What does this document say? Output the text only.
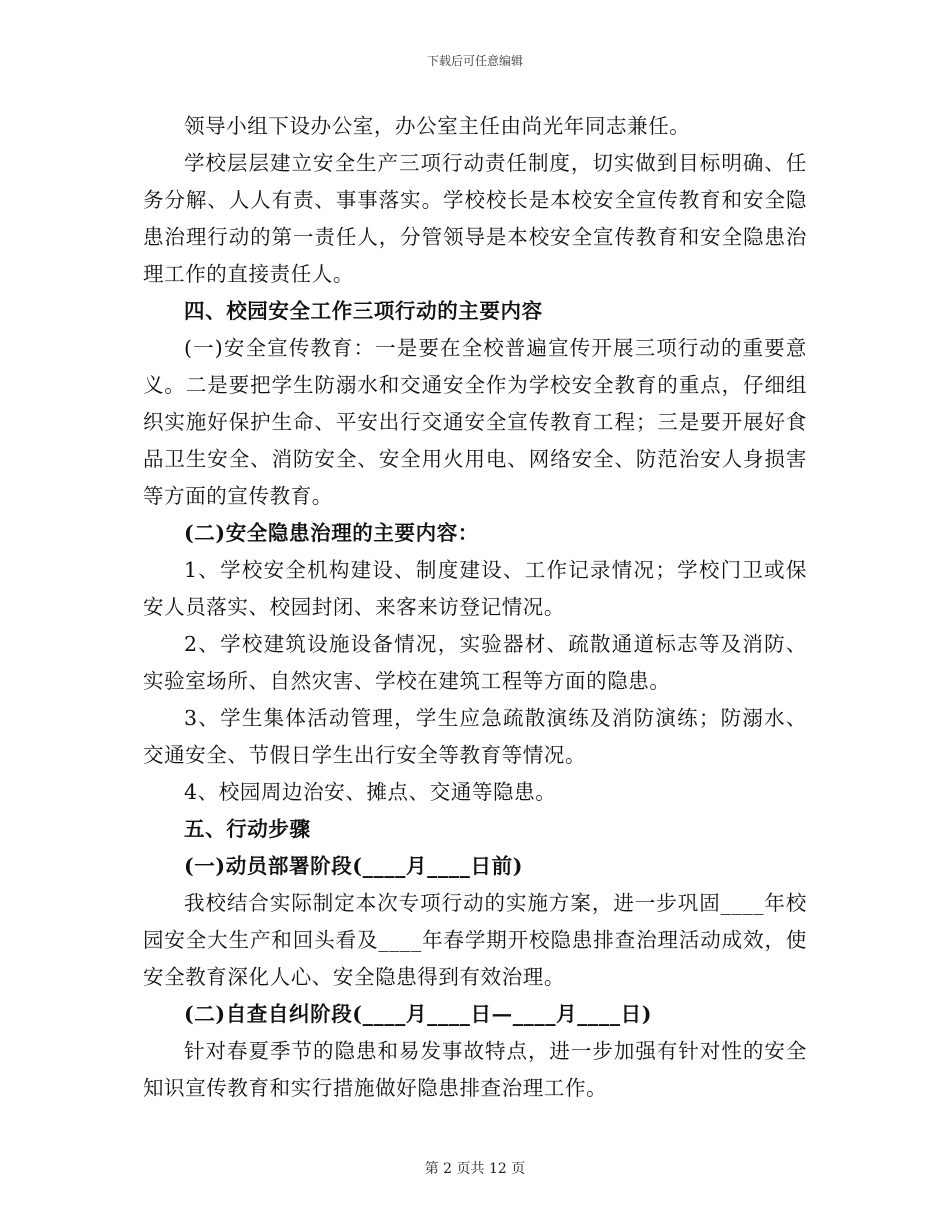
下载后可任意编辑

领导小组下设办公室，办公室主任由尚光年同志兼任。

学校层层建立安全生产三项行动责任制度，切实做到目标明确、任务分解、人人有责、事事落实。学校校长是本校安全宣传教育和安全隐患治理行动的第一责任人，分管领导是本校安全宣传教育和安全隐患治理工作的直接责任人。

四、校园安全工作三项行动的主要内容

(一)安全宣传教育：一是要在全校普遍宣传开展三项行动的重要意义。二是要把学生防溺水和交通安全作为学校安全教育的重点，仔细组织实施好保护生命、平安出行交通安全宣传教育工程；三是要开展好食品卫生安全、消防安全、安全用火用电、网络安全、防范治安人身损害等方面的宣传教育。

(二)安全隐患治理的主要内容：

1、学校安全机构建设、制度建设、工作记录情况；学校门卫或保安人员落实、校园封闭、来客来访登记情况。

2、学校建筑设施设备情况，实验器材、疏散通道标志等及消防、实验室场所、自然灾害、学校在建筑工程等方面的隐患。

3、学生集体活动管理，学生应急疏散演练及消防演练；防溺水、交通安全、节假日学生出行安全等教育等情况。

4、校园周边治安、摊点、交通等隐患。

五、行动步骤

(一)动员部署阶段(____月____日前)

我校结合实际制定本次专项行动的实施方案，进一步巩固____年校园安全大生产和回头看及____年春学期开校隐患排查治理活动成效，使安全教育深化人心、安全隐患得到有效治理。

(二)自查自纠阶段(____月____日—____月____日)

针对春夏季节的隐患和易发事故特点，进一步加强有针对性的安全知识宣传教育和实行措施做好隐患排查治理工作。

第 2 页共 12 页
